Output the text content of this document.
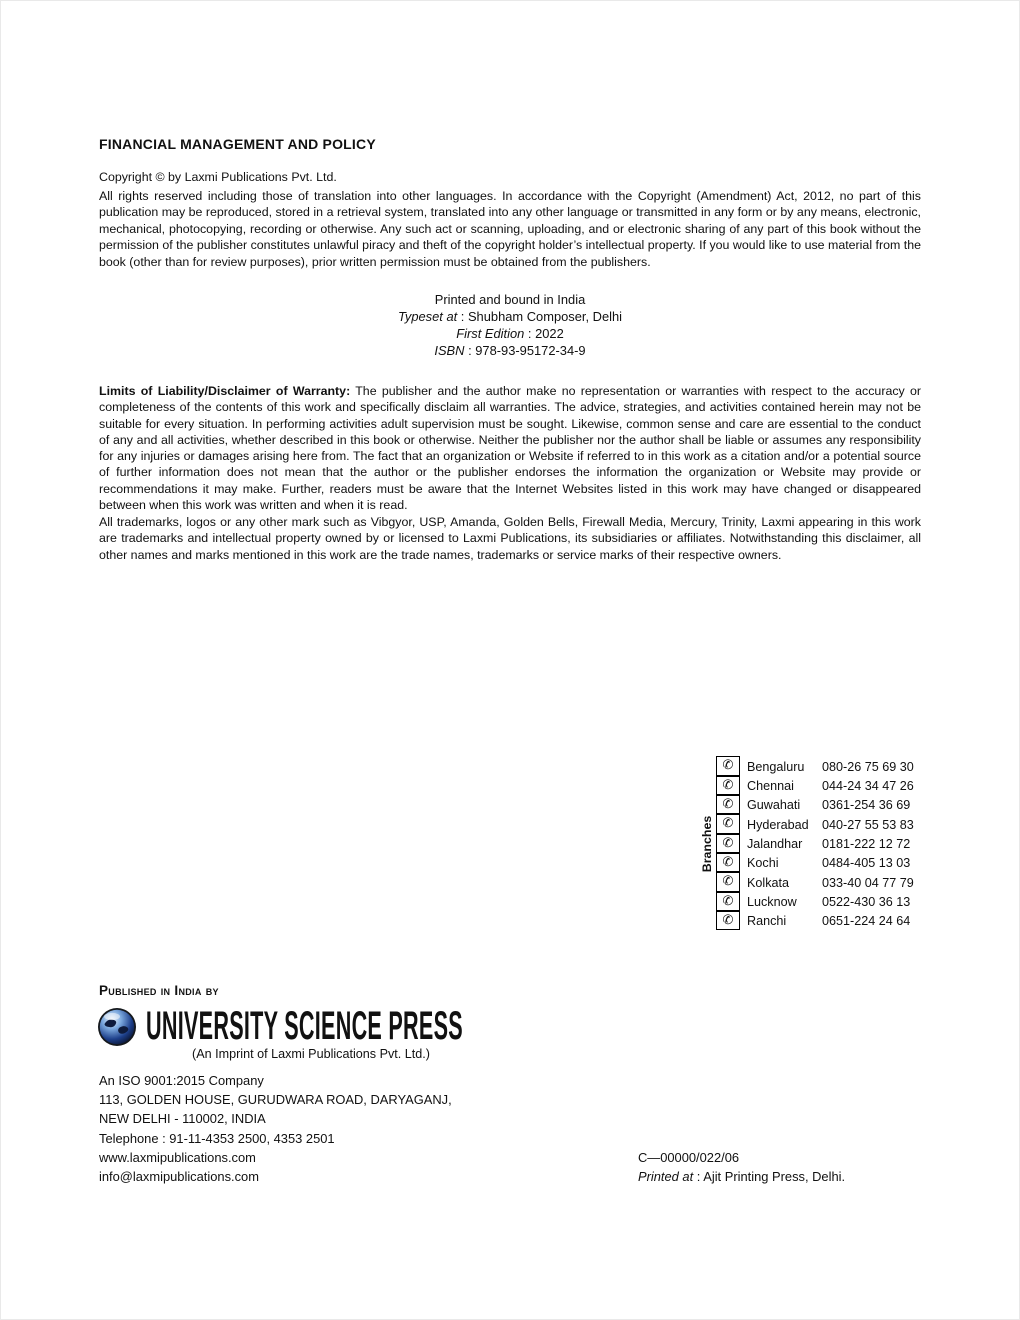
FINANCIAL MANAGEMENT AND POLICY
Copyright © by Laxmi Publications Pvt. Ltd.
All rights reserved including those of translation into other languages. In accordance with the Copyright (Amendment) Act, 2012, no part of this publication may be reproduced, stored in a retrieval system, translated into any other language or transmitted in any form or by any means, electronic, mechanical, photocopying, recording or otherwise. Any such act or scanning, uploading, and or electronic sharing of any part of this book without the permission of the publisher constitutes unlawful piracy and theft of the copyright holder’s intellectual property. If you would like to use material from the book (other than for review purposes), prior written permission must be obtained from the publishers.
Printed and bound in India
Typeset at : Shubham Composer, Delhi
First Edition : 2022
ISBN : 978-93-95172-34-9
Limits of Liability/Disclaimer of Warranty: The publisher and the author make no representation or warranties with respect to the accuracy or completeness of the contents of this work and specifically disclaim all warranties. The advice, strategies, and activities contained herein may not be suitable for every situation. In performing activities adult supervision must be sought. Likewise, common sense and care are essential to the conduct of any and all activities, whether described in this book or otherwise. Neither the publisher nor the author shall be liable or assumes any responsibility for any injuries or damages arising here from. The fact that an organization or Website if referred to in this work as a citation and/or a potential source of further information does not mean that the author or the publisher endorses the information the organization or Website may provide or recommendations it may make. Further, readers must be aware that the Internet Websites listed in this work may have changed or disappeared between when this work was written and when it is read.
All trademarks, logos or any other mark such as Vibgyor, USP, Amanda, Golden Bells, Firewall Media, Mercury, Trinity, Laxmi appearing in this work are trademarks and intellectual property owned by or licensed to Laxmi Publications, its subsidiaries or affiliates. Notwithstanding this disclaimer, all other names and marks mentioned in this work are the trade names, trademarks or service marks of their respective owners.
Branches
✆ Bengaluru	080-26 75 69 30
✆ Chennai	044-24 34 47 26
✆ Guwahati	0361-254 36 69
✆ Hyderabad	040-27 55 53 83
✆ Jalandhar	0181-222 12 72
✆ Kochi	0484-405 13 03
✆ Kolkata	033-40 04 77 79
✆ Lucknow	0522-430 36 13
✆ Ranchi	0651-224 24 64
Published in India by
UNIVERSITY SCIENCE PRESS
(An Imprint of Laxmi Publications Pvt. Ltd.)
An ISO 9001:2015 Company
113, GOLDEN HOUSE, GURUDWARA ROAD, DARYAGANJ,
NEW DELHI - 110002, INDIA
Telephone : 91-11-4353 2500, 4353 2501
www.laxmipublications.com
info@laxmipublications.com
C—00000/022/06
Printed at : Ajit Printing Press, Delhi.
